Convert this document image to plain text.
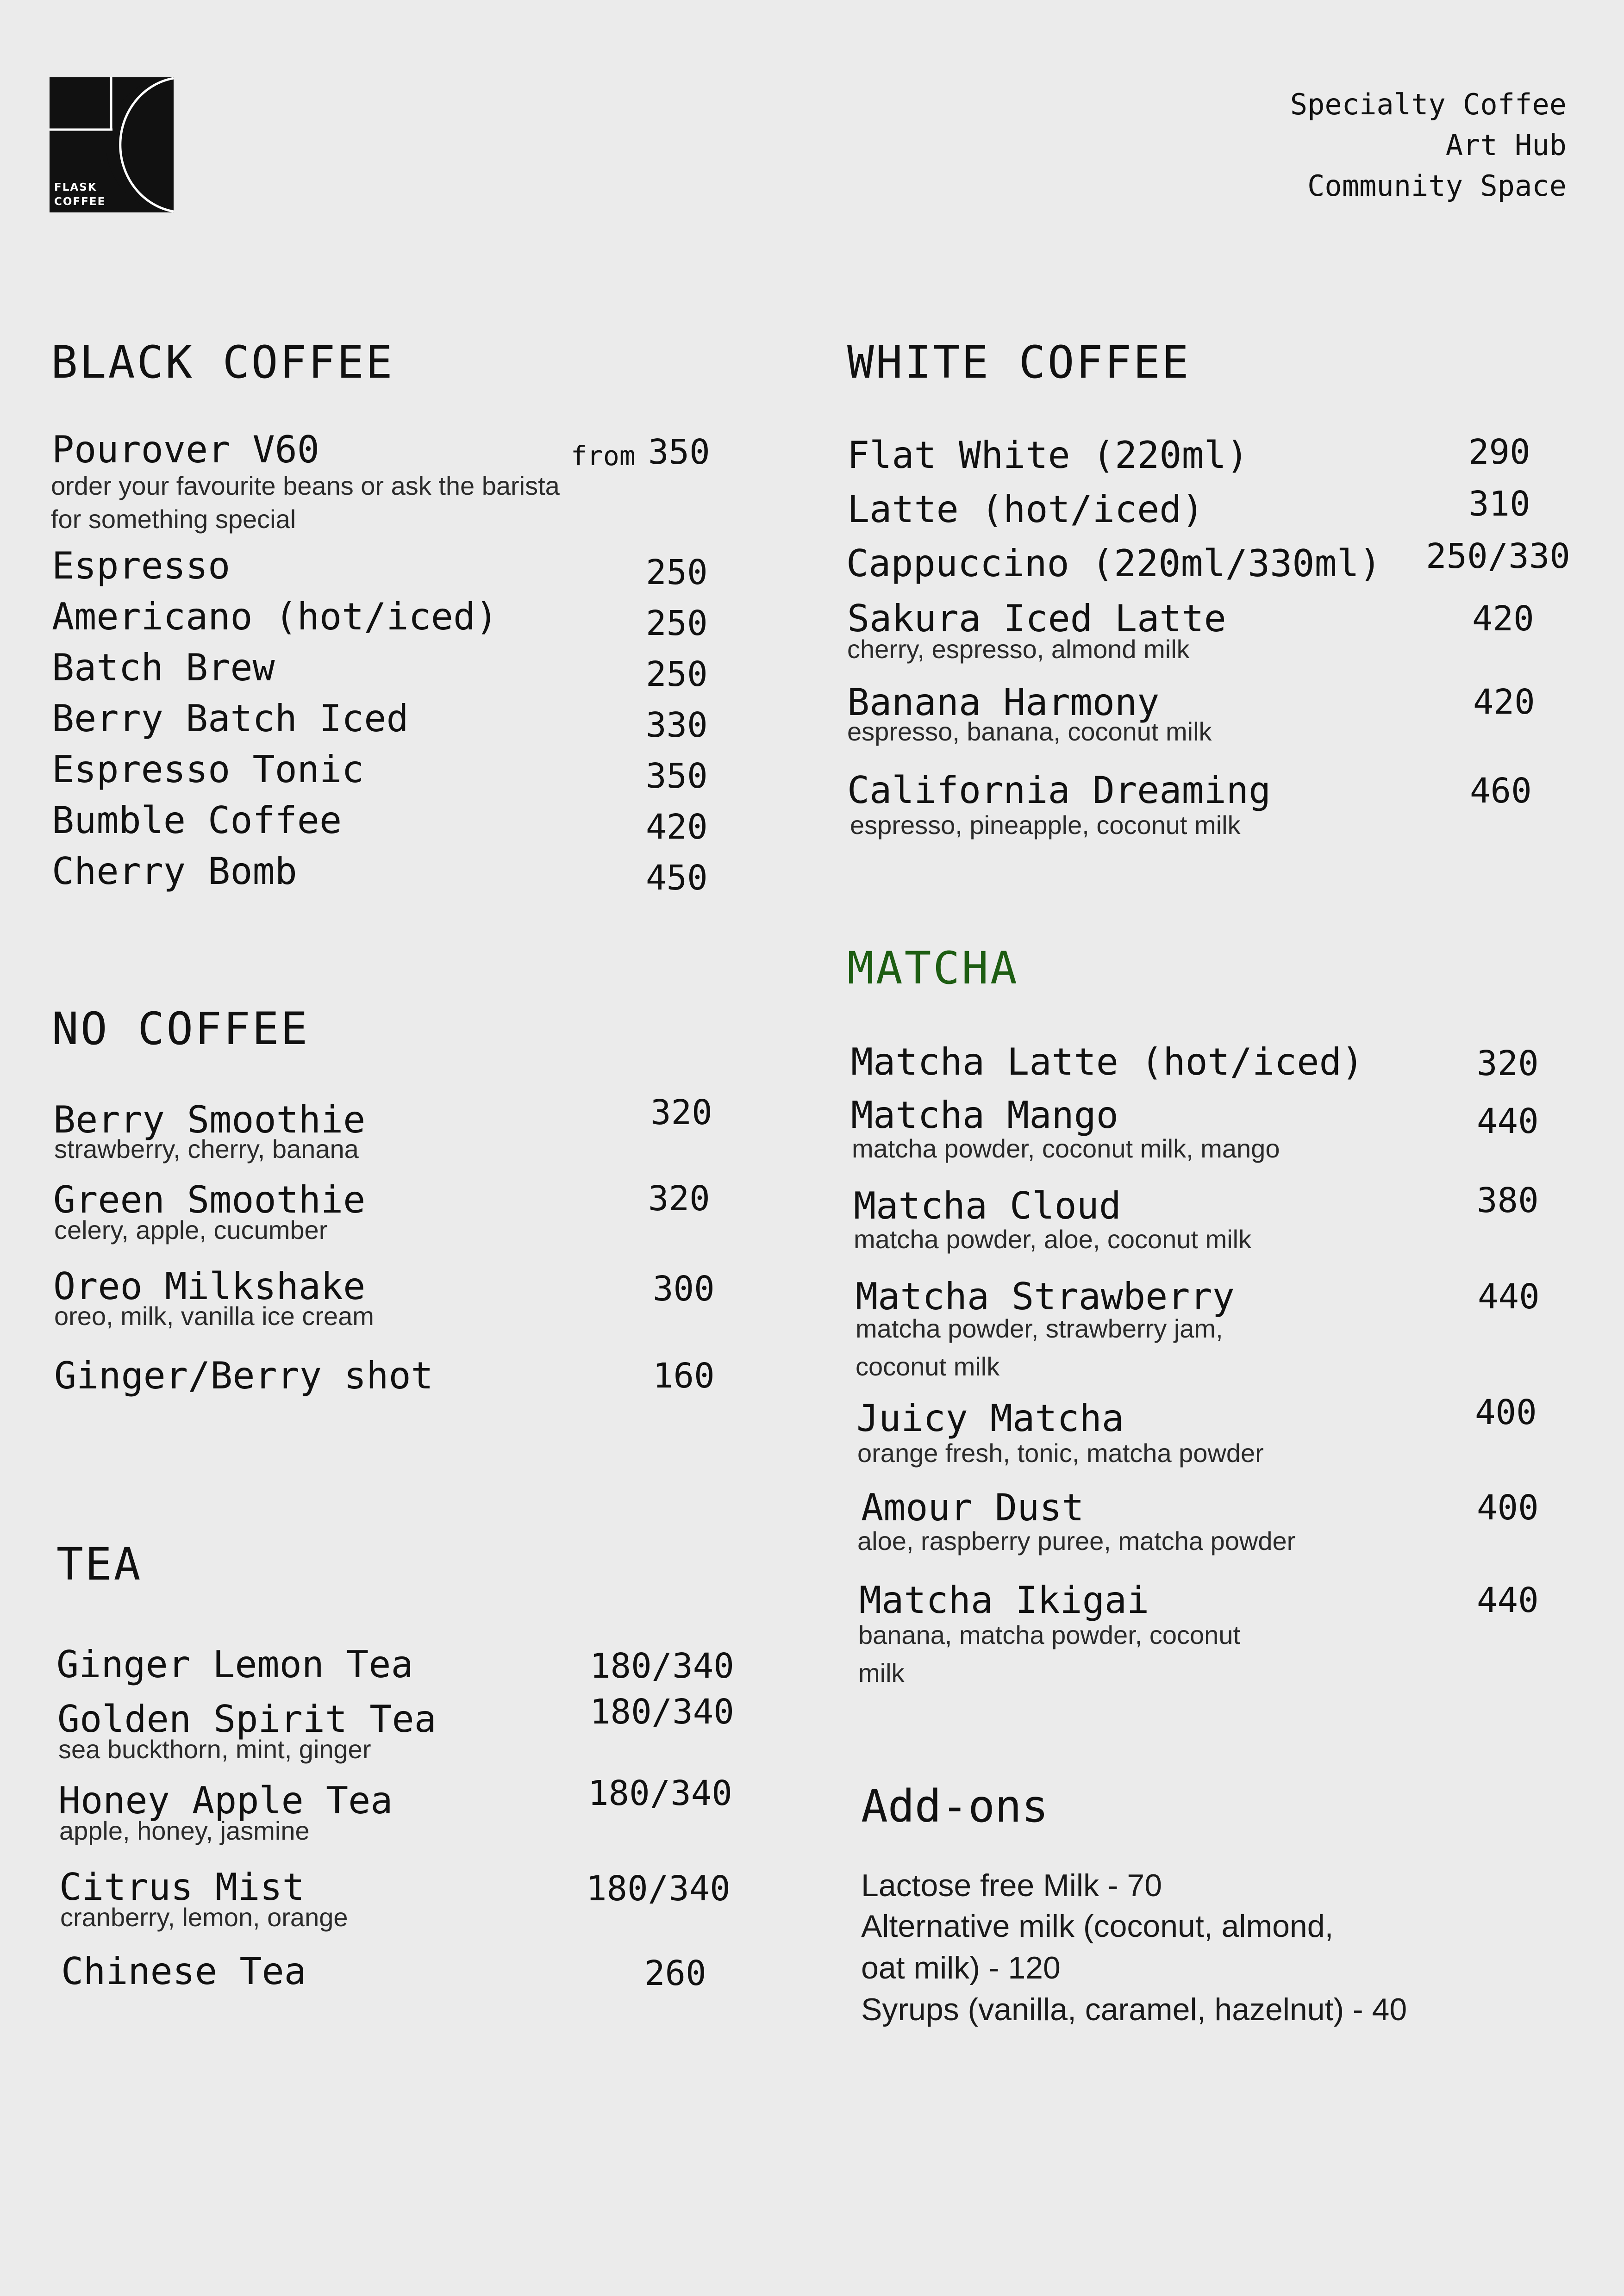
FLASK
COFFEE
Specialty Coffee
Art Hub
Community Space
BLACK COFFEE
Pourover V60	from 350
order your favourite beans or ask the barista
for something special
Espresso	250
Americano (hot/iced)	250
Batch Brew	250
Berry Batch Iced	330
Espresso Tonic	350
Bumble Coffee	420
Cherry Bomb	450
NO COFFEE
Berry Smoothie	320
strawberry, cherry, banana
Green Smoothie	320
celery, apple, cucumber
Oreo Milkshake	300
oreo, milk, vanilla ice cream
Ginger/Berry shot	160
TEA
Ginger Lemon Tea	180/340
Golden Spirit Tea	180/340
sea buckthorn, mint, ginger
Honey Apple Tea	180/340
apple, honey, jasmine
Citrus Mist	180/340
cranberry, lemon, orange
Chinese Tea	260
WHITE COFFEE
Flat White (220ml)	290
Latte (hot/iced)	310
Cappuccino (220ml/330ml) 250/330
Sakura Iced Latte	420
cherry, espresso, almond milk
Banana Harmony	420
espresso, banana, coconut milk
California Dreaming	460
espresso, pineapple, coconut milk
MATCHA
Matcha Latte (hot/iced)	320
Matcha Mango	440
matcha powder, coconut milk, mango
Matcha Cloud	380
matcha powder, aloe, coconut milk
Matcha Strawberry	440
matcha powder, strawberry jam,
coconut milk
Juicy Matcha	400
orange fresh, tonic, matcha powder
Amour Dust	400
aloe, raspberry puree, matcha powder
Matcha Ikigai	440
banana, matcha powder, coconut
milk
Add-ons
Lactose free Milk - 70
Alternative milk (coconut, almond,
oat milk) - 120
Syrups (vanilla, caramel, hazelnut) - 40
